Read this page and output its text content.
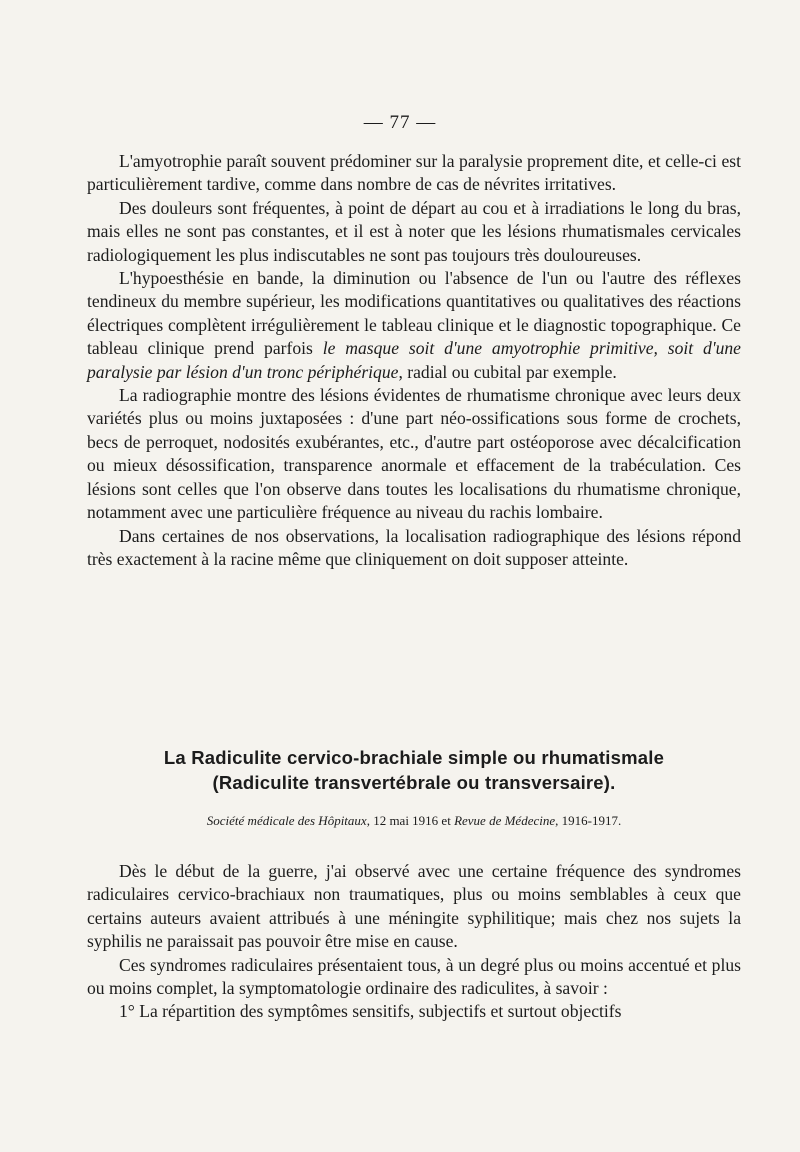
— 77 —

L'amyotrophie paraît souvent prédominer sur la paralysie proprement dite, et celle-ci est particulièrement tardive, comme dans nombre de cas de névrites irritatives.

Des douleurs sont fréquentes, à point de départ au cou et à irradiations le long du bras, mais elles ne sont pas constantes, et il est à noter que les lésions rhumatismales cervicales radiologiquement les plus indiscutables ne sont pas toujours très douloureuses.

L'hypoesthésie en bande, la diminution ou l'absence de l'un ou l'autre des réflexes tendineux du membre supérieur, les modifications quantitatives ou qualitatives des réactions électriques complètent irrégulièrement le tableau clinique et le diagnostic topographique. Ce tableau clinique prend parfois le masque soit d'une amyotrophie primitive, soit d'une paralysie par lésion d'un tronc périphérique, radial ou cubital par exemple.

La radiographie montre des lésions évidentes de rhumatisme chronique avec leurs deux variétés plus ou moins juxtaposées : d'une part néo-ossifications sous forme de crochets, becs de perroquet, nodosités exubérantes, etc., d'autre part ostéoporose avec décalcification ou mieux désossification, transparence anormale et effacement de la trabéculation. Ces lésions sont celles que l'on observe dans toutes les localisations du rhumatisme chronique, notamment avec une particulière fréquence au niveau du rachis lombaire.

Dans certaines de nos observations, la localisation radiographique des lésions répond très exactement à la racine même que cliniquement on doit supposer atteinte.

La Radiculite cervico-brachiale simple ou rhumatismale
(Radiculite transvertébrale ou transversaire).
Société médicale des Hôpitaux, 12 mai 1916 et Revue de Médecine, 1916-1917.

Dès le début de la guerre, j'ai observé avec une certaine fréquence des syndromes radiculaires cervico-brachiaux non traumatiques, plus ou moins semblables à ceux que certains auteurs avaient attribués à une méningite syphilitique; mais chez nos sujets la syphilis ne paraissait pas pouvoir être mise en cause.

Ces syndromes radiculaires présentaient tous, à un degré plus ou moins accentué et plus ou moins complet, la symptomatologie ordinaire des radiculites, à savoir :

1° La répartition des symptômes sensitifs, subjectifs et surtout objectifs
